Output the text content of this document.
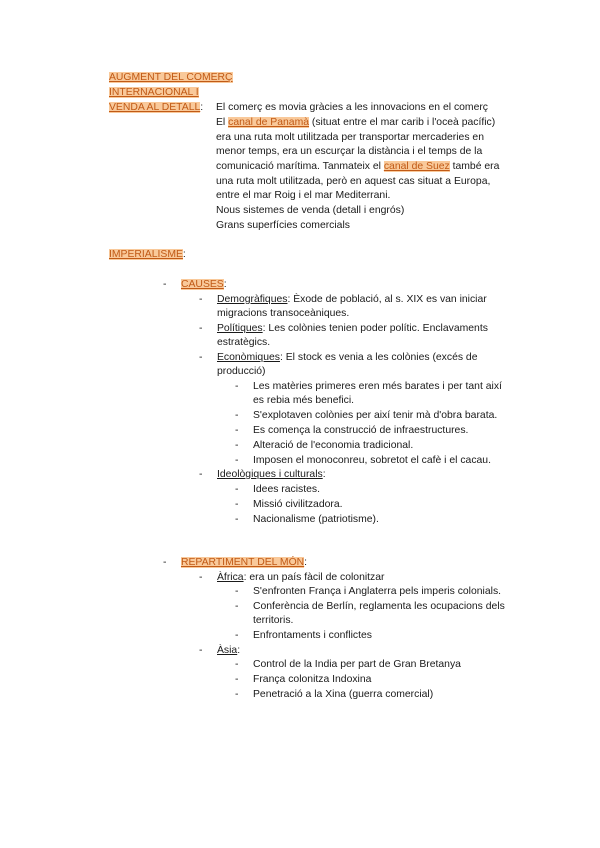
AUGMENT DEL COMERÇ
INTERNACIONAL I
VENDA AL DETALL: El comerç es movia gràcies a les innovacions en el comerç
El canal de Panamà (situat entre el mar carib i l'oceà pacífic)
era una ruta molt utilitzada per transportar mercaderies en
menor temps, era un escurçar la distància i el temps de la
comunicació marítima. Tanmateix el canal de Suez també era
una ruta molt utilitzada, però en aquest cas situat a Europa,
entre el mar Roig i el mar Mediterrani.
Nous sistemes de venda (detall i engrós)
Grans superfícies comercials
IMPERIALISME:
- CAUSES:
- Demogràfiques: Èxode de població, al s. XIX es van iniciar
migracions transoceàniques.
- Polítiques: Les colònies tenien poder polític. Enclavaments
estratègics.
- Econòmiques: El stock es venia a les colònies (excés de
producció)
- Les matèries primeres eren més barates i per tant així
es rebia més benefici.
- S'explotaven colònies per així tenir mà d'obra barata.
- Es comença la construcció de infraestructures.
- Alteració de l'economia tradicional.
- Imposen el monoconreu, sobretot el cafè i el cacau.
- Ideològiques i culturals:
- Idees racistes.
- Missió civilitzadora.
- Nacionalisme (patriotisme).
- REPARTIMENT DEL MÓN:
- Àfrica: era un país fàcil de colonitzar
- S'enfronten França i Anglaterra pels imperis colonials.
- Conferència de Berlín, reglamenta les ocupacions dels
territoris.
- Enfrontaments i conflictes
- Àsia:
- Control de la India per part de Gran Bretanya
- França colonitza Indoxina
- Penetració a la Xina (guerra comercial)
